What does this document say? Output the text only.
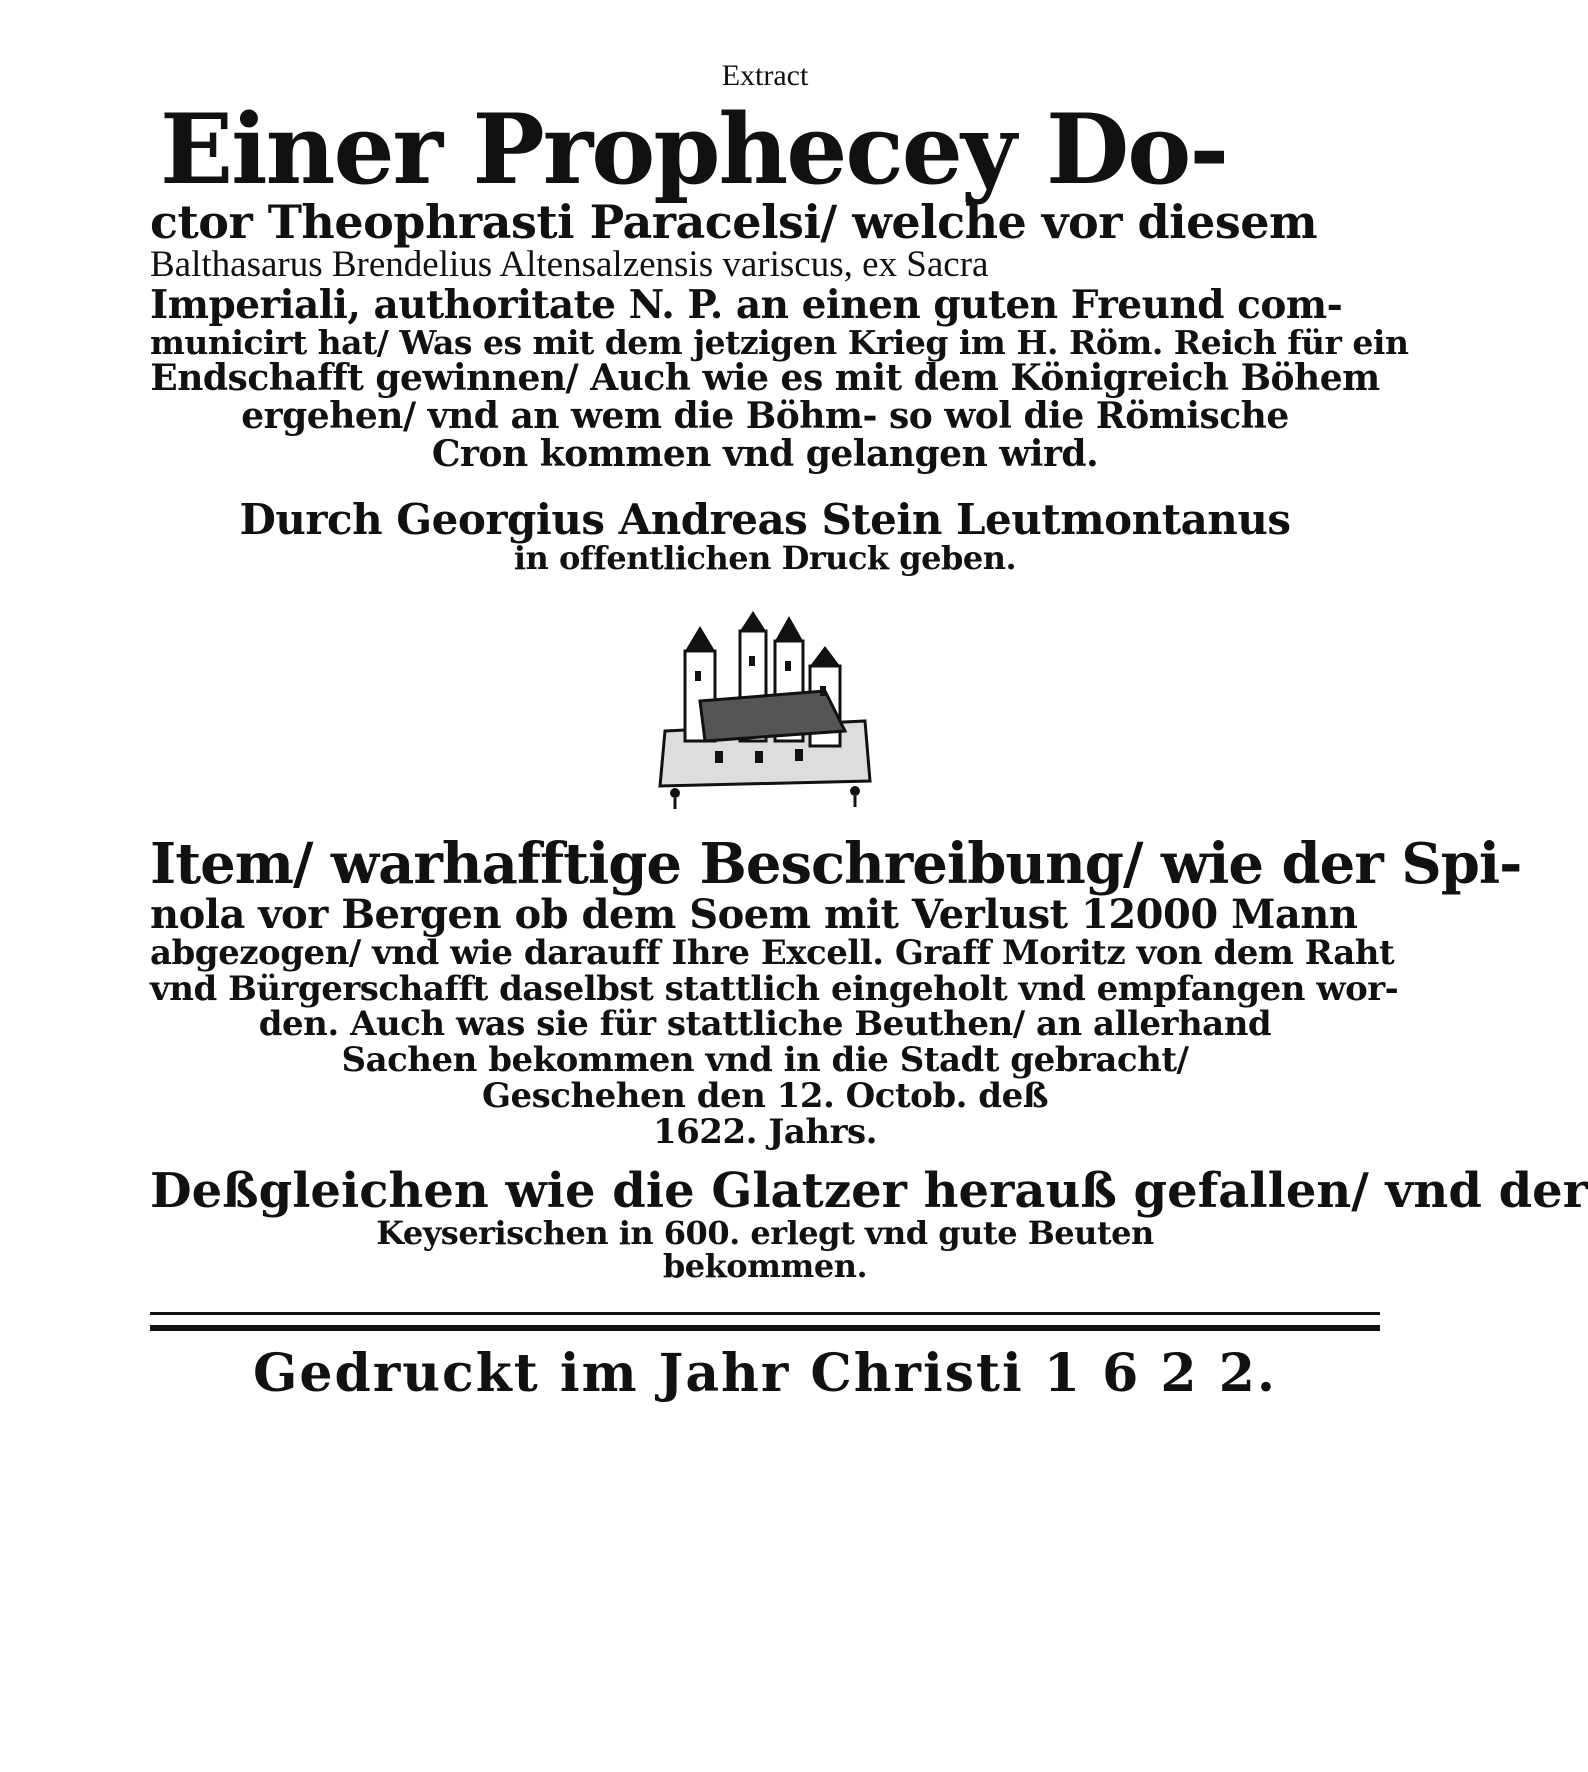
Extract
Einer Prophecey Do-
ctor Theophrasti Paracelsi/ welche vor diesem
Balthasarus Brendelius Altensalzensis variscus, ex Sacra
Imperiali, authoritate N. P. an einen guten Freund com-
municirt hat/ Was es mit dem jetzigen Krieg im H. Röm. Reich für ein
Endschafft gewinnen/ Auch wie es mit dem Königreich Böhem
ergehen/ vnd an wem die Böhm- so wol die Römische
Cron kommen vnd gelangen wird.
Durch Georgius Andreas Stein Leutmontanus
in offentlichen Druck geben.
Item/ warhafftige Beschreibung/ wie der Spi-
nola vor Bergen ob dem Soem mit Verlust 12000 Mann
abgezogen/ vnd wie darauff Ihre Excell. Graff Moritz von dem Raht
vnd Bürgerschafft daselbst stattlich eingeholt vnd empfangen wor-
den. Auch was sie für stattliche Beuthen/ an allerhand
Sachen bekommen vnd in die Stadt gebracht/
Geschehen den 12. Octob. deß
1622. Jahrs.
Deßgleichen wie die Glatzer herauß gefallen/ vnd der
Keyserischen in 600. erlegt vnd gute Beuten
bekommen.
Gedruckt im Jahr Christi 1 6 2 2.
